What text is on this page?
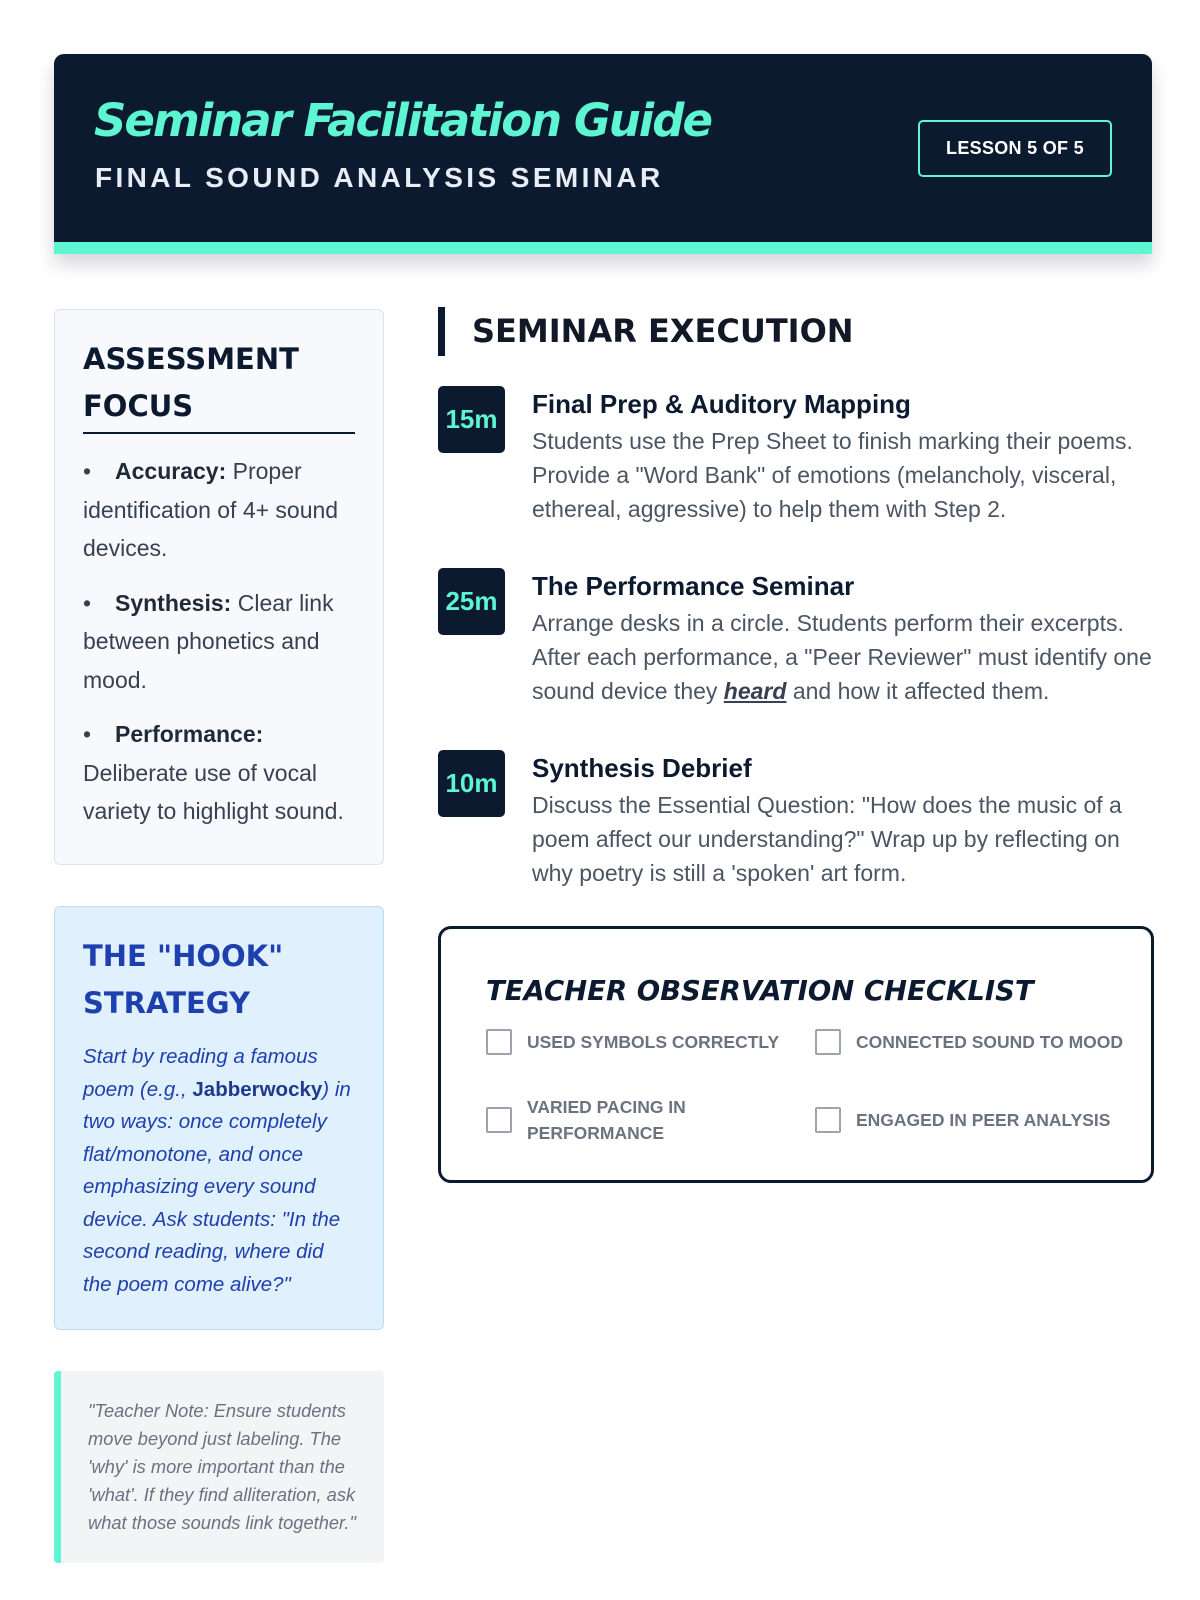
Seminar Facilitation Guide
FINAL SOUND ANALYSIS SEMINAR
LESSON 5 OF 5
ASSESSMENT
FOCUS
• Accuracy: Proper identification of 4+ sound devices.
• Synthesis: Clear link between phonetics and mood.
• Performance: Deliberate use of vocal variety to highlight sound.
THE "HOOK"
STRATEGY

Start by reading a famous poem (e.g., Jabberwocky) in two ways: once completely flat/monotone, and once emphasizing every sound device. Ask students: "In the second reading, where did the poem come alive?"

"Teacher Note: Ensure students move beyond just labeling. The 'why' is more important than the 'what'. If they find alliteration, ask what those sounds link together."

SEMINAR EXECUTION
15m Final Prep & Auditory Mapping

Students use the Prep Sheet to finish marking their poems. Provide a "Word Bank" of emotions (melancholy, visceral, ethereal, aggressive) to help them with Step 2.

25m The Performance Seminar

Arrange desks in a circle. Students perform their excerpts. After each performance, a "Peer Reviewer" must identify one sound device they heard and how it affected them.

10m Synthesis Debrief

Discuss the Essential Question: "How does the music of a poem affect our understanding?" Wrap up by reflecting on why poetry is still a 'spoken' art form.

TEACHER OBSERVATION CHECKLIST
USED SYMBOLS CORRECTLY	CONNECTED SOUND TO MOOD
VARIED PACING IN PERFORMANCE
ENGAGED IN PEER ANALYSIS
